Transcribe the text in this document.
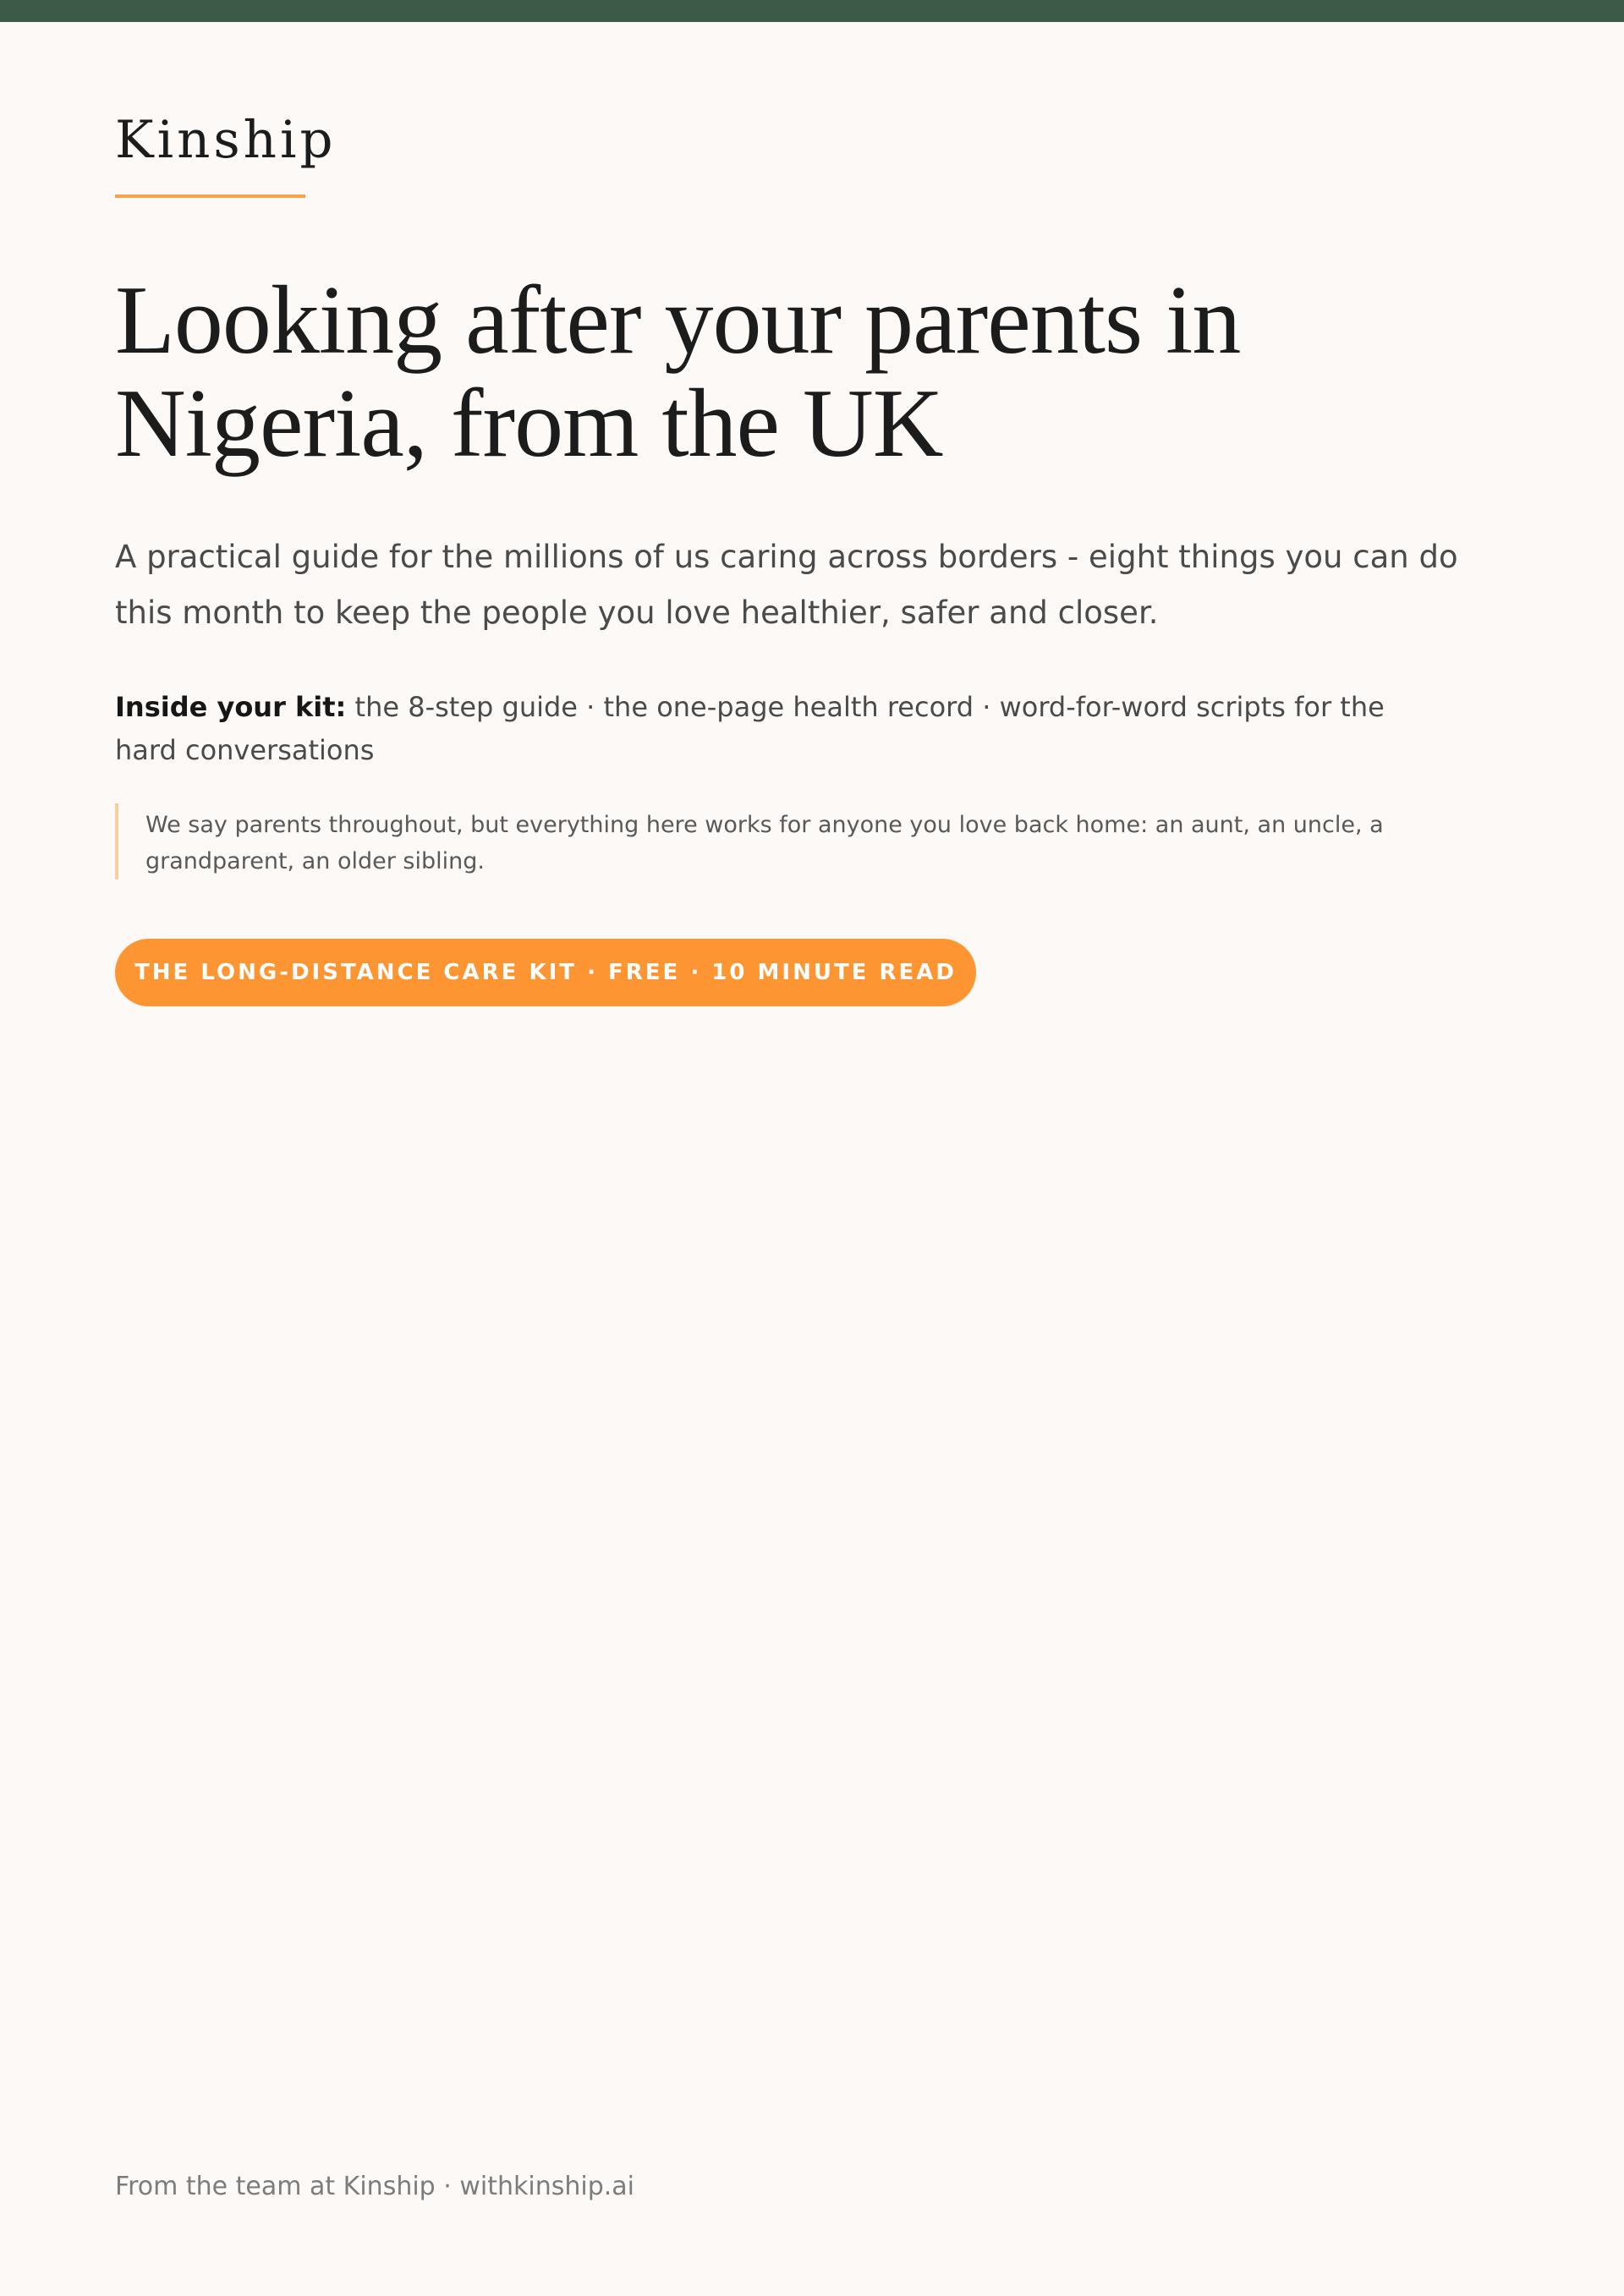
Kinship
Looking after your parents in Nigeria, from the UK

A practical guide for the millions of us caring across borders - eight things you can do this month to keep the people you love healthier, safer and closer.

Inside your kit: the 8-step guide · the one-page health record · word-for-word scripts for the hard conversations

We say parents throughout, but everything here works for anyone you love back home: an aunt, an uncle, a grandparent, an older sibling.

THE LONG-DISTANCE CARE KIT · FREE · 10 MINUTE READ
From the team at Kinship · withkinship.ai
